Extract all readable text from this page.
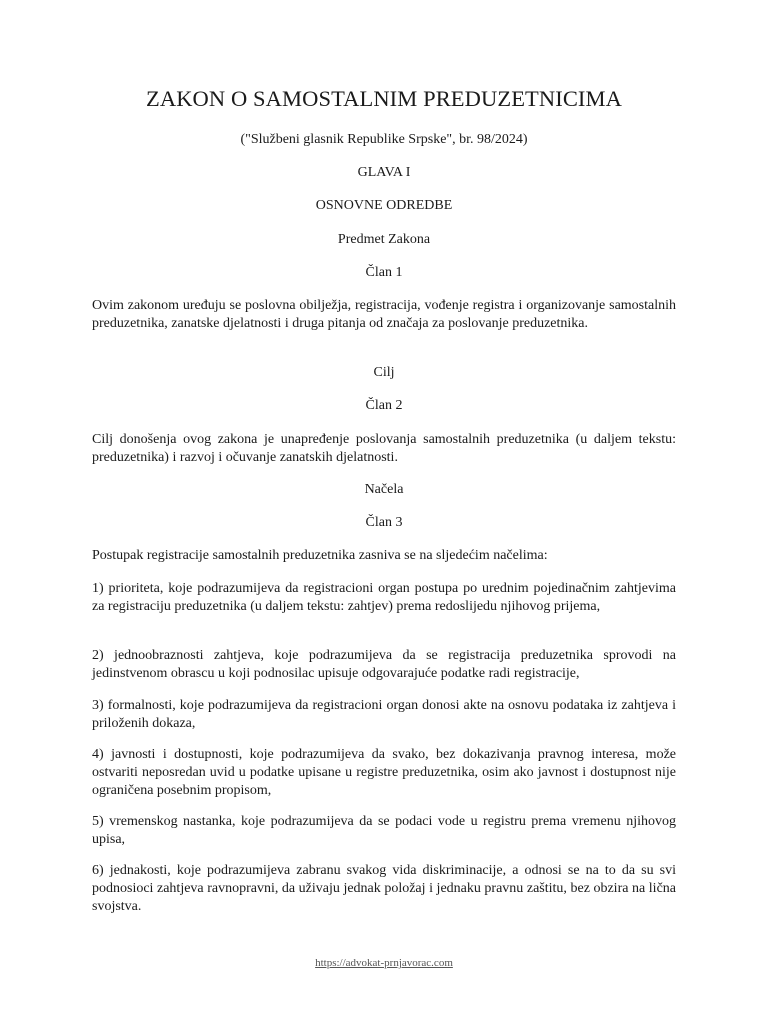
ZAKON O SAMOSTALNIM PREDUZETNICIMA

("Službeni glasnik Republike Srpske", br. 98/2024)

GLAVA I

OSNOVNE ODREDBE

Predmet Zakona

Član 1

Ovim zakonom uređuju se poslovna obilježja, registracija, vođenje registra i organizovanje samostalnih preduzetnika, zanatske djelatnosti i druga pitanja od značaja za poslovanje preduzetnika.

Cilj

Član 2

Cilj donošenja ovog zakona je unapređenje poslovanja samostalnih preduzetnika (u daljem tekstu: preduzetnika) i razvoj i očuvanje zanatskih djelatnosti.

Načela

Član 3

Postupak registracije samostalnih preduzetnika zasniva se na sljedećim načelima:

1) prioriteta, koje podrazumijeva da registracioni organ postupa po urednim pojedinačnim zahtjevima za registraciju preduzetnika (u daljem tekstu: zahtjev) prema redoslijedu njihovog prijema,

2) jednoobraznosti zahtjeva, koje podrazumijeva da se registracija preduzetnika sprovodi na jedinstvenom obrascu u koji podnosilac upisuje odgovarajuće podatke radi registracije,

3) formalnosti, koje podrazumijeva da registracioni organ donosi akte na osnovu podataka iz zahtjeva i priloženih dokaza,

4) javnosti i dostupnosti, koje podrazumijeva da svako, bez dokazivanja pravnog interesa, može ostvariti neposredan uvid u podatke upisane u registre preduzetnika, osim ako javnost i dostupnost nije ograničena posebnim propisom,

5) vremenskog nastanka, koje podrazumijeva da se podaci vode u registru prema vremenu njihovog upisa,

6) jednakosti, koje podrazumijeva zabranu svakog vida diskriminacije, a odnosi se na to da su svi podnosioci zahtjeva ravnopravni, da uživaju jednak položaj i jednaku pravnu zaštitu, bez obzira na lična svojstva.

https://advokat-prnjavorac.com
